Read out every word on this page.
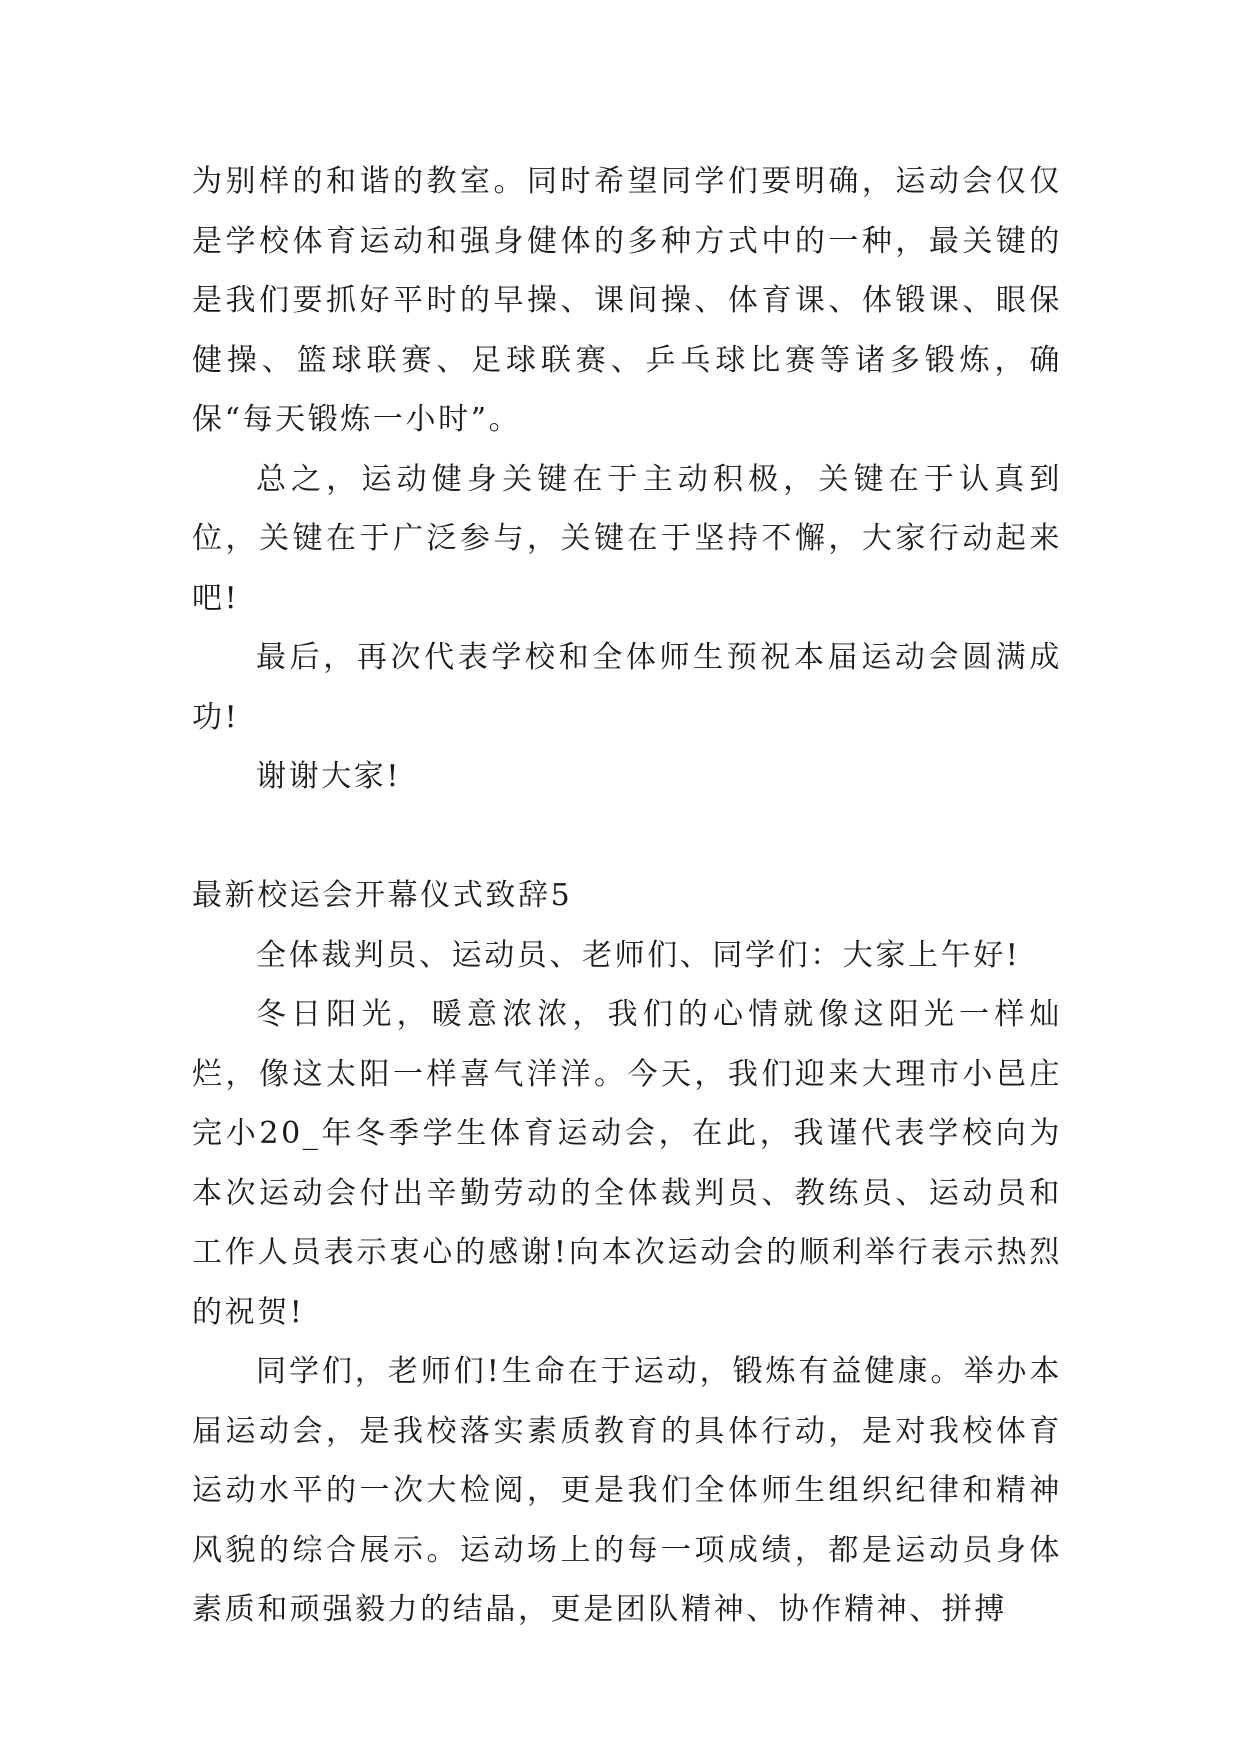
为别样的和谐的教室。同时希望同学们要明确，运动会仅仅是学校体育运动和强身健体的多种方式中的一种，最关键的是我们要抓好平时的早操、课间操、体育课、体锻课、眼保健操、篮球联赛、足球联赛、乒乓球比赛等诸多锻炼，确保“每天锻炼一小时”。

总之，运动健身关键在于主动积极，关键在于认真到位，关键在于广泛参与，关键在于坚持不懈，大家行动起来吧!

最后，再次代表学校和全体师生预祝本届运动会圆满成功!

谢谢大家!

最新校运会开幕仪式致辞5

全体裁判员、运动员、老师们、同学们：大家上午好!

冬日阳光，暖意浓浓，我们的心情就像这阳光一样灿烂，像这太阳一样喜气洋洋。今天，我们迎来大理市小邑庄完小20_年冬季学生体育运动会，在此，我谨代表学校向为本次运动会付出辛勤劳动的全体裁判员、教练员、运动员和工作人员表示衷心的感谢!向本次运动会的顺利举行表示热烈的祝贺!

同学们，老师们!生命在于运动，锻炼有益健康。举办本届运动会，是我校落实素质教育的具体行动，是对我校体育运动水平的一次大检阅，更是我们全体师生组织纪律和精神风貌的综合展示。运动场上的每一项成绩，都是运动员身体素质和顽强毅力的结晶，更是团队精神、协作精神、拼搏
